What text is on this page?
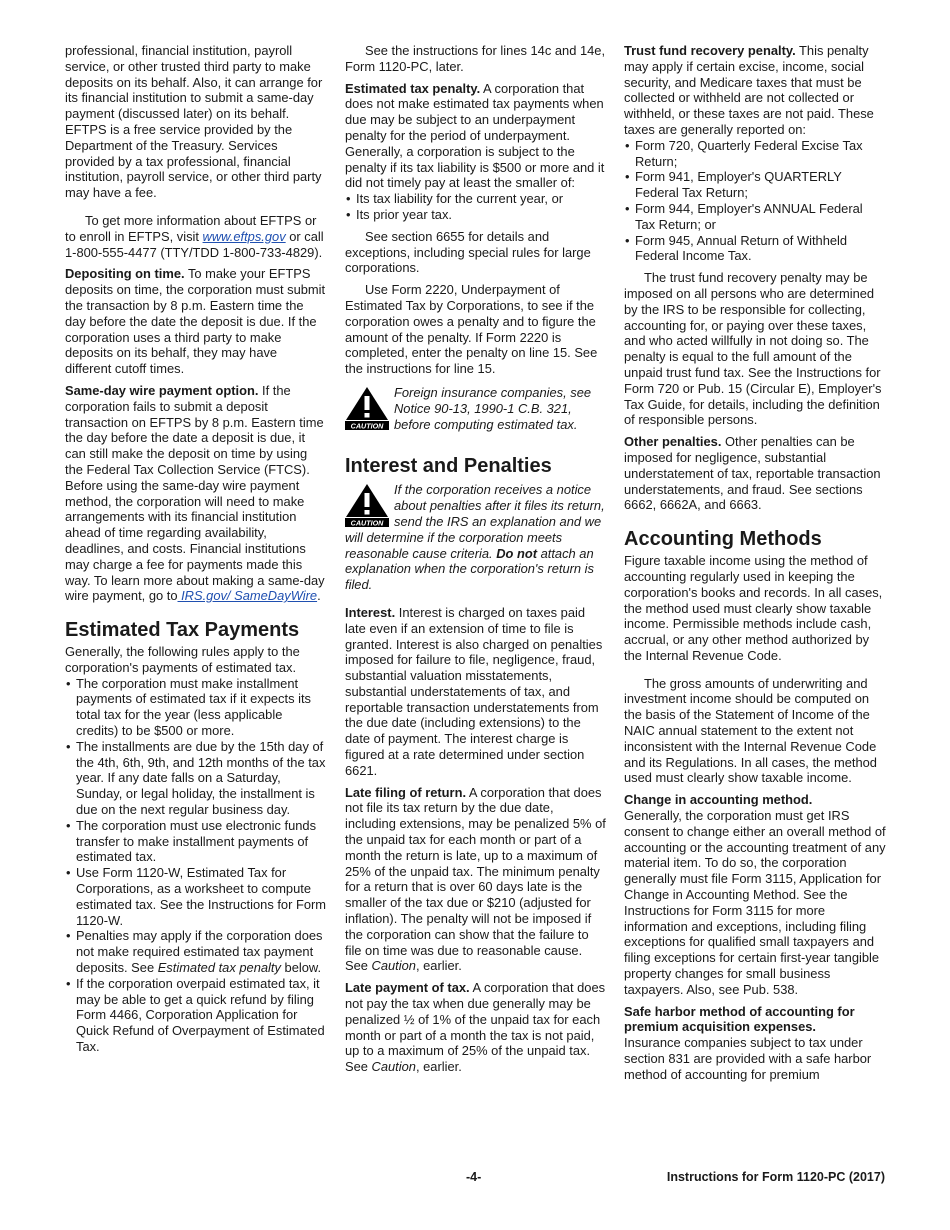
professional, financial institution, payroll service, or other trusted third party to make deposits on its behalf. Also, it can arrange for its financial institution to submit a same-day payment (discussed later) on its behalf. EFTPS is a free service provided by the Department of the Treasury. Services provided by a tax professional, financial institution, payroll service, or other third party may have a fee.

To get more information about EFTPS or to enroll in EFTPS, visit www.eftps.gov or call 1-800-555-4477 (TTY/TDD 1-800-733-4829).

Depositing on time. To make your EFTPS deposits on time, the corporation must submit the transaction by 8 p.m. Eastern time the day before the date the deposit is due. If the corporation uses a third party to make deposits on its behalf, they may have different cutoff times.

Same-day wire payment option. If the corporation fails to submit a deposit transaction on EFTPS by 8 p.m. Eastern time the day before the date a deposit is due, it can still make the deposit on time by using the Federal Tax Collection Service (FTCS). Before using the same-day wire payment method, the corporation will need to make arrangements with its financial institution ahead of time regarding availability, deadlines, and costs. Financial institutions may charge a fee for payments made this way. To learn more about making a same-day wire payment, go to IRS.gov/ SameDayWire.

Estimated Tax Payments

Generally, the following rules apply to the corporation's payments of estimated tax.

• The corporation must make installment payments of estimated tax if it expects its total tax for the year (less applicable credits) to be $500 or more.
• The installments are due by the 15th day of the 4th, 6th, 9th, and 12th months of the tax year. If any date falls on a Saturday, Sunday, or legal holiday, the installment is due on the next regular business day.
• The corporation must use electronic funds transfer to make installment payments of estimated tax.
• Use Form 1120-W, Estimated Tax for Corporations, as a worksheet to compute estimated tax. See the Instructions for Form 1120-W.
• Penalties may apply if the corporation does not make required estimated tax payment deposits. See Estimated tax penalty below.
• If the corporation overpaid estimated tax, it may be able to get a quick refund by filing Form 4466, Corporation Application for Quick Refund of Overpayment of Estimated Tax.

See the instructions for lines 14c and 14e, Form 1120-PC, later.

Estimated tax penalty. A corporation that does not make estimated tax payments when due may be subject to an underpayment penalty for the period of underpayment. Generally, a corporation is subject to the penalty if its tax liability is $500 or more and it did not timely pay at least the smaller of:

• Its tax liability for the current year, or
• Its prior year tax.

See section 6655 for details and exceptions, including special rules for large corporations.

Use Form 2220, Underpayment of Estimated Tax by Corporations, to see if the corporation owes a penalty and to figure the amount of the penalty. If Form 2220 is completed, enter the penalty on line 15. See the instructions for line 15.

CAUTION
Foreign insurance companies, see Notice 90-13, 1990-1 C.B. 321, before computing estimated tax.
Interest and Penalties
CAUTION
If the corporation receives a notice about penalties after it files its return, send the IRS an explanation and we will determine if the corporation meets reasonable cause criteria. Do not attach an explanation when the corporation's return is filed.

Interest. Interest is charged on taxes paid late even if an extension of time to file is granted. Interest is also charged on penalties imposed for failure to file, negligence, fraud, substantial valuation misstatements, substantial understatements of tax, and reportable transaction understatements from the due date (including extensions) to the date of payment. The interest charge is figured at a rate determined under section 6621.

Late filing of return. A corporation that does not file its tax return by the due date, including extensions, may be penalized 5% of the unpaid tax for each month or part of a month the return is late, up to a maximum of 25% of the unpaid tax. The minimum penalty for a return that is over 60 days late is the smaller of the tax due or $210 (adjusted for inflation). The penalty will not be imposed if the corporation can show that the failure to file on time was due to reasonable cause. See Caution, earlier.

Late payment of tax. A corporation that does not pay the tax when due generally may be penalized ½ of 1% of the unpaid tax for each month or part of a month the tax is not paid, up to a maximum of 25% of the unpaid tax. See Caution, earlier.

Trust fund recovery penalty. This penalty may apply if certain excise, income, social security, and Medicare taxes that must be collected or withheld are not collected or withheld, or these taxes are not paid. These taxes are generally reported on:

• Form 720, Quarterly Federal Excise Tax Return;
• Form 941, Employer's QUARTERLY Federal Tax Return;
• Form 944, Employer's ANNUAL Federal Tax Return; or
• Form 945, Annual Return of Withheld Federal Income Tax.

The trust fund recovery penalty may be imposed on all persons who are determined by the IRS to be responsible for collecting, accounting for, or paying over these taxes, and who acted willfully in not doing so. The penalty is equal to the full amount of the unpaid trust fund tax. See the Instructions for Form 720 or Pub. 15 (Circular E), Employer's Tax Guide, for details, including the definition of responsible persons.

Other penalties. Other penalties can be imposed for negligence, substantial understatement of tax, reportable transaction understatements, and fraud. See sections 6662, 6662A, and 6663.

Accounting Methods

Figure taxable income using the method of accounting regularly used in keeping the corporation's books and records. In all cases, the method used must clearly show taxable income. Permissible methods include cash, accrual, or any other method authorized by the Internal Revenue Code.

The gross amounts of underwriting and investment income should be computed on the basis of the Statement of Income of the NAIC annual statement to the extent not inconsistent with the Internal Revenue Code and its Regulations. In all cases, the method used must clearly show taxable income.

Change in accounting method.
Generally, the corporation must get IRS consent to change either an overall method of accounting or the accounting treatment of any material item. To do so, the corporation generally must file Form 3115, Application for Change in Accounting Method. See the Instructions for Form 3115 for more information and exceptions, including filing exceptions for qualified small taxpayers and filing exceptions for certain first-year tangible property changes for small business taxpayers. Also, see Pub. 538.

Safe harbor method of accounting for premium acquisition expenses.
Insurance companies subject to tax under section 831 are provided with a safe harbor method of accounting for premium

-4-	Instructions for Form 1120-PC (2017)
